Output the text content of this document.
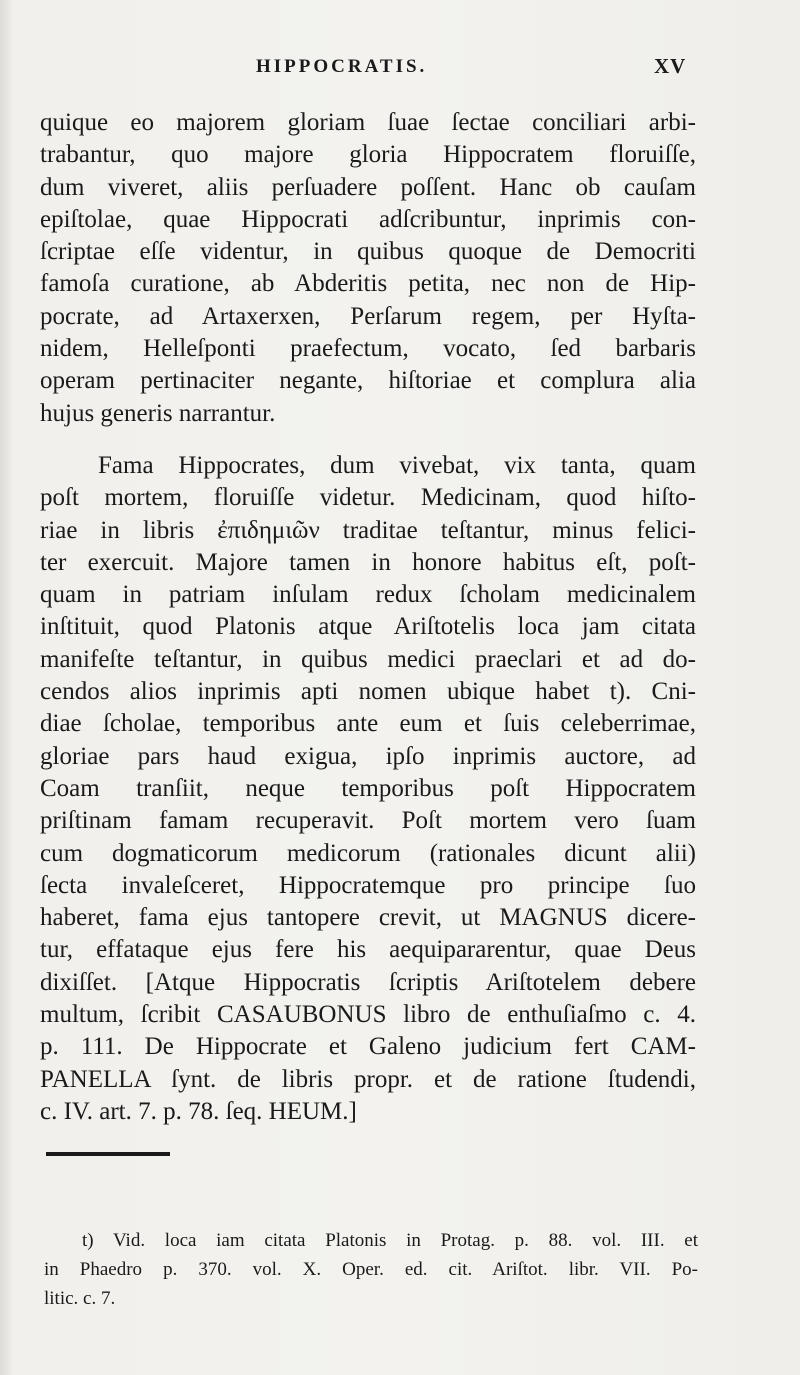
HIPPOCRATIS.	XV
quique eo majorem gloriam ſuae ſectae conciliari arbi-
trabantur, quo majore gloria Hippocratem floruiſſe,
dum viveret, aliis perſuadere poſſent. Hanc ob cauſam
epiſtolae, quae Hippocrati adſcribuntur, inprimis con-
ſcriptae eſſe videntur, in quibus quoque de Democriti
famoſa curatione, ab Abderitis petita, nec non de Hip-
pocrate, ad Artaxerxen, Perſarum regem, per Hyſta-
nidem, Helleſponti praefectum, vocato, ſed barbaris
operam pertinaciter negante, hiſtoriae et complura alia
hujus generis narrantur.
Fama Hippocrates, dum vivebat, vix tanta, quam
poſt mortem, floruiſſe videtur. Medicinam, quod hiſto-
riae in libris ἐπιδημιῶν traditae teſtantur, minus felici-
ter exercuit. Majore tamen in honore habitus eſt, poſt-
quam in patriam inſulam redux ſcholam medicinalem
inſtituit, quod Platonis atque Ariſtotelis loca jam citata
manifeſte teſtantur, in quibus medici praeclari et ad do-
cendos alios inprimis apti nomen ubique habet t). Cni-
diae ſcholae, temporibus ante eum et ſuis celeberrimae,
gloriae pars haud exigua, ipſo inprimis auctore, ad
Coam tranſiit, neque temporibus poſt Hippocratem
priſtinam famam recuperavit. Poſt mortem vero ſuam
cum dogmaticorum medicorum (rationales dicunt alii)
ſecta invaleſceret, Hippocratemque pro principe ſuo
haberet, fama ejus tantopere crevit, ut MAGNUS dicere-
tur, effataque ejus fere his aequipararentur, quae Deus
dixiſſet. [Atque Hippocratis ſcriptis Ariſtotelem debere
multum, ſcribit CASAUBONUS libro de enthuſiaſmo c. 4.
p. 111. De Hippocrate et Galeno judicium fert CAM-
PANELLA ſynt. de libris propr. et de ratione ſtudendi,
c. IV. art. 7. p. 78. ſeq. HEUM.]
t) Vid. loca iam citata Platonis in Protag. p. 88. vol. III. et
in Phaedro p. 370. vol. X. Oper. ed. cit. Ariſtot. libr. VII. Po-
litic. c. 7.
